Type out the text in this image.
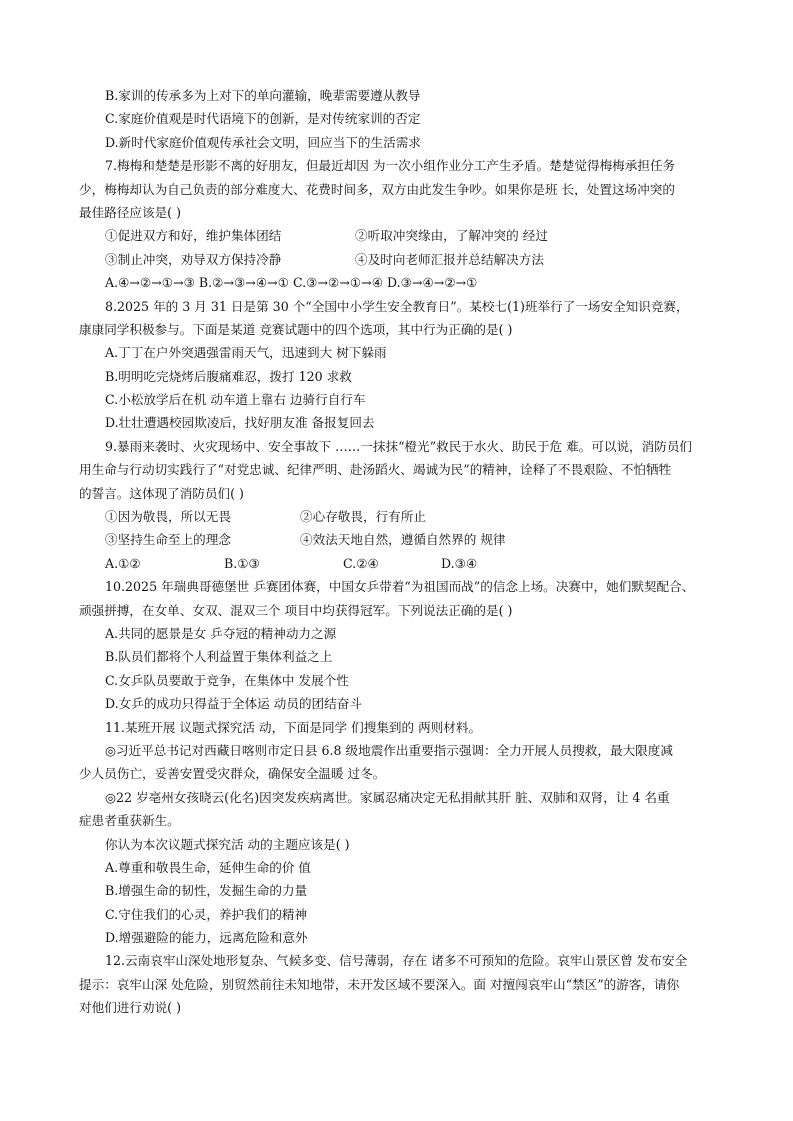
B.家训的传承多为上对下的单向灌输，晚辈需要遵从教导
C.家庭价值观是时代语境下的创新，是对传统家训的否定
D.新时代家庭价值观传承社会文明，回应当下的生活需求
7.梅梅和楚楚是形影不离的好朋友，但最近却因 为一次小组作业分工产生矛盾。楚楚觉得梅梅承担任务
少，梅梅却认为自己负责的部分难度大、花费时间多，双方由此发生争吵。如果你是班 长，处置这场冲突的
最佳路径应该是( )
①促进双方和好，维护集体团结	②听取冲突缘由，了解冲突的 经过
③制止冲突，劝导双方保持冷静	④及时向老师汇报并总结解决方法
A.④→②→①→③ B.②→③→④→① C.③→②→①→④ D.③→④→②→①
8.2025 年的 3 月 31 日是第 30 个“全国中小学生安全教育日”。某校七(1)班举行了一场安全知识竞赛，
康康同学积极参与。下面是某道 竞赛试题中的四个选项，其中行为正确的是( )
A.丁丁在户外突遇强雷雨天气，迅速到大 树下躲雨
B.明明吃完烧烤后腹痛难忍，拨打 120 求救
C.小松放学后在机 动车道上靠右 边骑行自行车
D.壮壮遭遇校园欺凌后，找好朋友准 备报复回去
9.暴雨来袭时、火灾现场中、安全事故下 ……一抹抹“橙光”救民于水火、助民于危 难。可以说，消防员们
用生命与行动切实践行了“对党忠诚、纪律严明、赴汤蹈火、竭诚为民”的精神，诠释了不畏艰险、不怕牺牲
的誓言。这体现了消防员们( )
①因为敬畏，所以无畏	②心存敬畏，行有所止
③坚持生命至上的理念	④效法天地自然，遵循自然界的 规律
A.①②	B.①③	C.②④	D.③④
10.2025 年瑞典哥德堡世 乒赛团体赛，中国女乒带着“为祖国而战”的信念上场。决赛中，她们默契配合、
顽强拼搏，在女单、女双、混双三个 项目中均获得冠军。下列说法正确的是( )
A.共同的愿景是女 乒夺冠的精神动力之源
B.队员们都将个人利益置于集体利益之上
C.女乒队员要敢于竞争，在集体中 发展个性
D.女乒的成功只得益于全体运 动员的团结奋斗
11.某班开展 议题式探究活 动，下面是同学 们搜集到的 两则材料。
◎习近平总书记对西藏日喀则市定日县 6.8 级地震作出重要指示强调：全力开展人员搜救，最大限度减
少人员伤亡，妥善安置受灾群众，确保安全温暖 过冬。
◎22 岁亳州女孩晓云(化名)因突发疾病离世。家属忍痛决定无私捐献其肝 脏、双肺和双肾，让 4 名重
症患者重获新生。
你认为本次议题式探究活 动的主题应该是( )
A.尊重和敬畏生命，延伸生命的价 值
B.增强生命的韧性，发掘生命的力量
C.守住我们的心灵，养护我们的精神
D.增强避险的能力，远离危险和意外
12.云南哀牢山深处地形复杂、气候多变、信号薄弱，存在 诸多不可预知的危险。哀牢山景区曾 发布安全
提示：哀牢山深 处危险，别贸然前往未知地带，未开发区域不要深入。面 对擅闯哀牢山“禁区”的游客，请你
对他们进行劝说( )
